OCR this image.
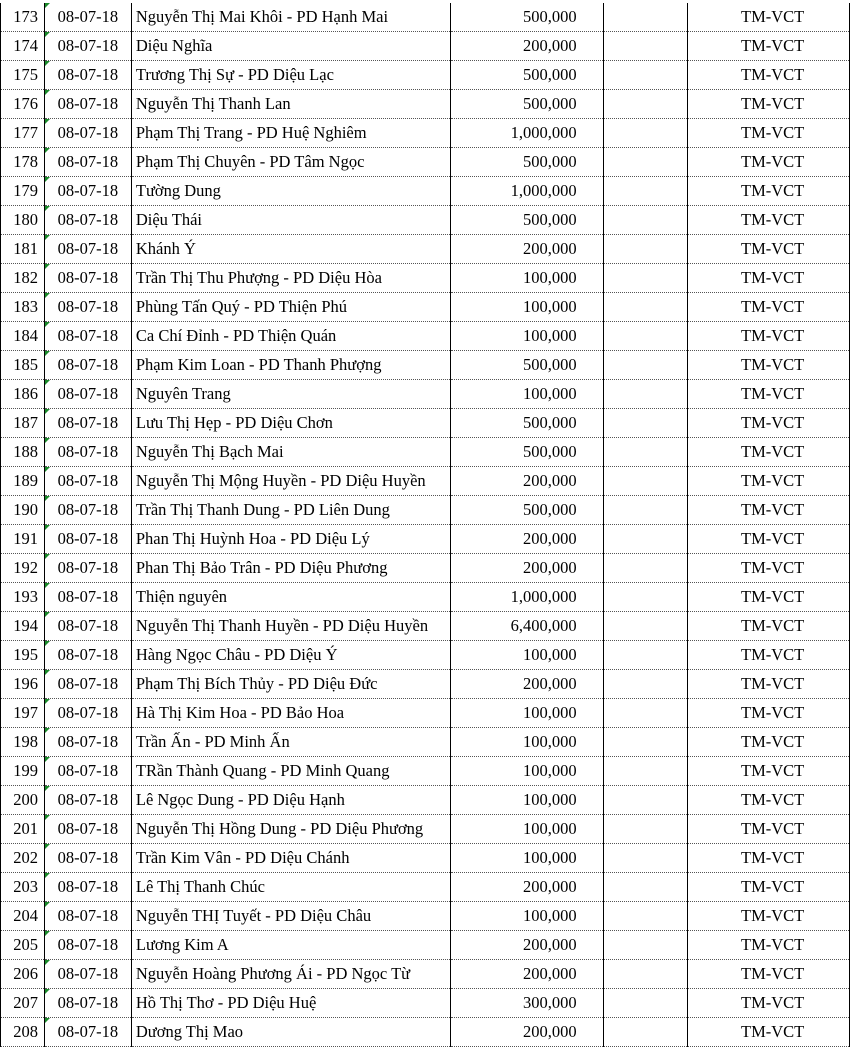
173	08-07-18	Nguyễn Thị Mai Khôi - PD Hạnh Mai	500,000		TM-VCT
174	08-07-18	Diệu Nghĩa	200,000		TM-VCT
175	08-07-18	Trương Thị Sự - PD Diệu Lạc	500,000		TM-VCT
176	08-07-18	Nguyễn Thị Thanh Lan	500,000		TM-VCT
177	08-07-18	Phạm Thị Trang - PD Huệ Nghiêm	1,000,000		TM-VCT
178	08-07-18	Phạm Thị Chuyên - PD Tâm Ngọc	500,000		TM-VCT
179	08-07-18	Tường Dung	1,000,000		TM-VCT
180	08-07-18	Diệu Thái	500,000		TM-VCT
181	08-07-18	Khánh Ý	200,000		TM-VCT
182	08-07-18	Trần Thị Thu Phượng - PD Diệu Hòa	100,000		TM-VCT
183	08-07-18	Phùng Tấn Quý - PD Thiện Phú	100,000		TM-VCT
184	08-07-18	Ca Chí Đỉnh - PD Thiện Quán	100,000		TM-VCT
185	08-07-18	Phạm Kim Loan - PD Thanh Phượng	500,000		TM-VCT
186	08-07-18	Nguyên Trang	100,000		TM-VCT
187	08-07-18	Lưu Thị Hẹp - PD Diệu Chơn	500,000		TM-VCT
188	08-07-18	Nguyễn Thị Bạch Mai	500,000		TM-VCT
189	08-07-18	Nguyễn Thị Mộng Huyền - PD Diệu Huyền	200,000		TM-VCT
190	08-07-18	Trần Thị Thanh Dung - PD Liên Dung	500,000		TM-VCT
191	08-07-18	Phan Thị Huỳnh Hoa - PD Diệu Lý	200,000		TM-VCT
192	08-07-18	Phan Thị Bảo Trân - PD Diệu Phương	200,000		TM-VCT
193	08-07-18	Thiện nguyên	1,000,000		TM-VCT
194	08-07-18	Nguyễn Thị Thanh Huyền - PD Diệu Huyền	6,400,000		TM-VCT
195	08-07-18	Hàng Ngọc Châu - PD Diệu Ý	100,000		TM-VCT
196	08-07-18	Phạm Thị Bích Thủy - PD Diệu Đức	200,000		TM-VCT
197	08-07-18	Hà Thị Kim Hoa - PD Bảo Hoa	100,000		TM-VCT
198	08-07-18	Trần Ấn - PD Minh Ấn	100,000		TM-VCT
199	08-07-18	TRần Thành Quang - PD Minh Quang	100,000		TM-VCT
200	08-07-18	Lê Ngọc Dung - PD Diệu Hạnh	100,000		TM-VCT
201	08-07-18	Nguyễn Thị Hồng Dung - PD Diệu Phương	100,000		TM-VCT
202	08-07-18	Trần Kim Vân - PD Diệu Chánh	100,000		TM-VCT
203	08-07-18	Lê Thị Thanh Chúc	200,000		TM-VCT
204	08-07-18	Nguyễn THỊ Tuyết - PD Diệu Châu	100,000		TM-VCT
205	08-07-18	Lương Kim A	200,000		TM-VCT
206	08-07-18	Nguyễn Hoàng Phương Ái - PD Ngọc Từ	200,000		TM-VCT
207	08-07-18	Hồ Thị Thơ - PD Diệu Huệ	300,000		TM-VCT
208	08-07-18	Dương Thị Mao	200,000		TM-VCT
